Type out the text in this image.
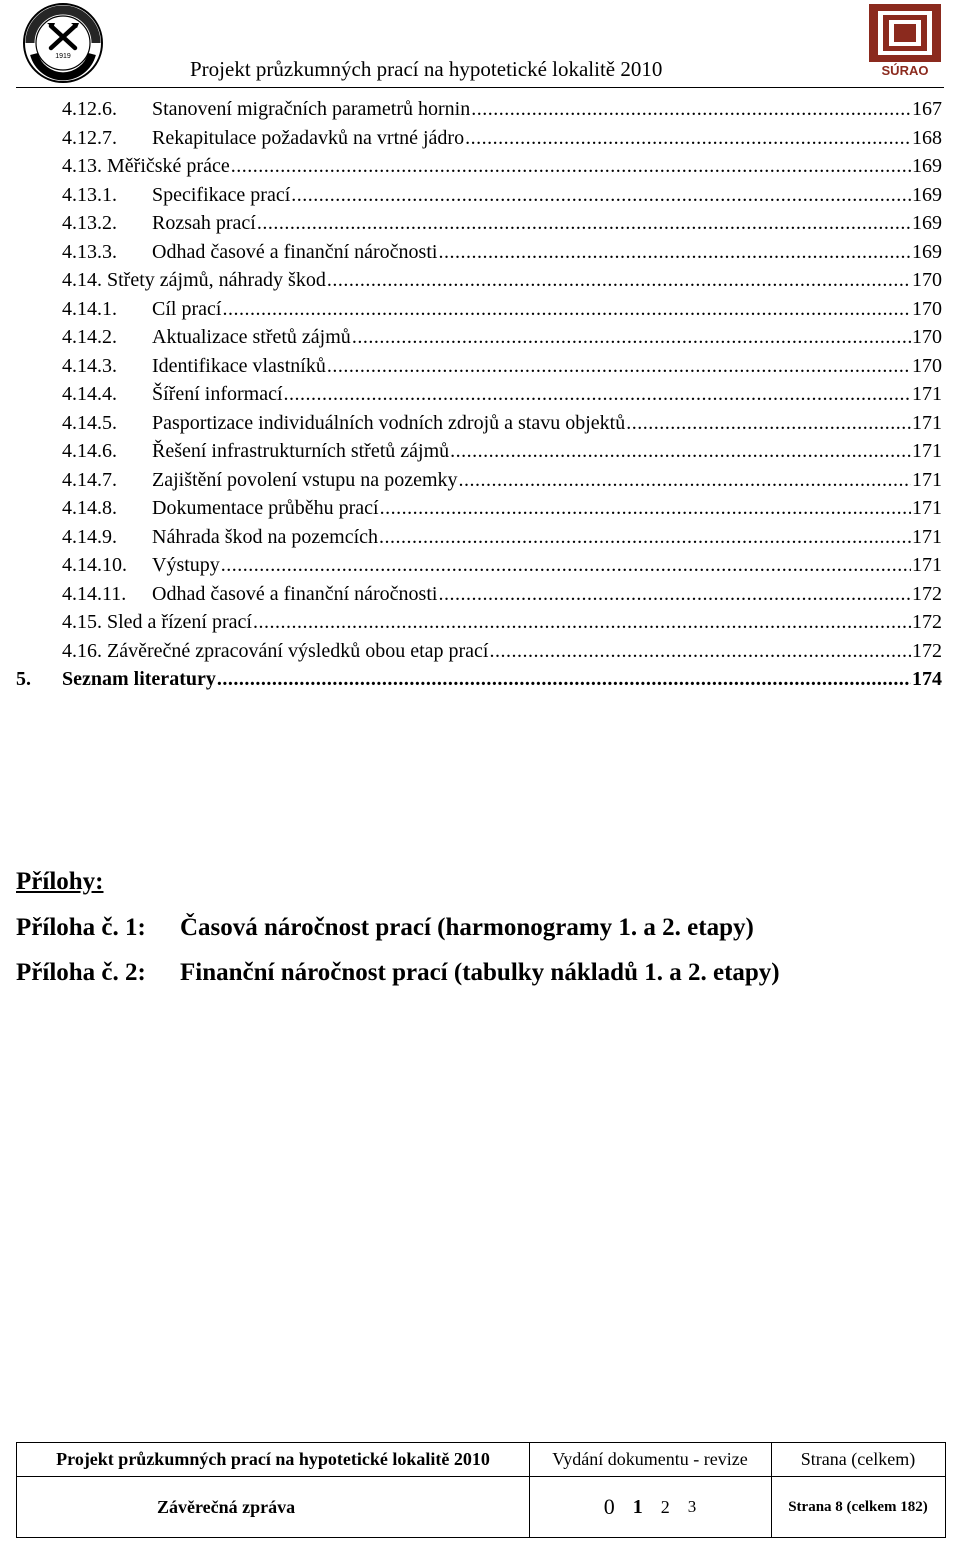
1919
SÚRAO
Projekt průzkumných prací na hypotetické lokalitě 2010
4.12.6. Stanovení migračních parametrů hornin .....	167
4.12.7. Rekapitulace požadavků na vrtné jádro .....	168
4.13. Měřičské práce .....	169
4.13.1. Specifikace prací .....	169
4.13.2. Rozsah prací .....	169
4.13.3. Odhad časové a finanční náročnosti .....	169
4.14. Střety zájmů, náhrady škod .....	170
4.14.1. Cíl prací .....	170
4.14.2. Aktualizace střetů zájmů .....	170
4.14.3. Identifikace vlastníků .....	170
4.14.4. Šíření informací .....	171
4.14.5. Pasportizace individuálních vodních zdrojů a stavu objektů .....	171
4.14.6. Řešení infrastrukturních střetů zájmů .....	171
4.14.7. Zajištění povolení vstupu na pozemky .....	171
4.14.8. Dokumentace průběhu prací .....	171
4.14.9. Náhrada škod na pozemcích .....	171
4.14.10. Výstupy .....	171
4.14.11. Odhad časové a finanční náročnosti .....	172
4.15. Sled a řízení prací .....	172
4.16. Závěrečné zpracování výsledků obou etap prací .....	172
5. Seznam literatury .....	174
Přílohy:
Příloha č. 1: Časová náročnost prací (harmonogramy 1. a 2. etapy)
Příloha č. 2: Finanční náročnost prací (tabulky nákladů 1. a 2. etapy)
Projekt průzkumných prací na hypotetické lokalitě 2010	Vydání dokumentu - revize	Strana (celkem)
Závěrečná zpráva	0 1 2 3	Strana 8 (celkem 182)
